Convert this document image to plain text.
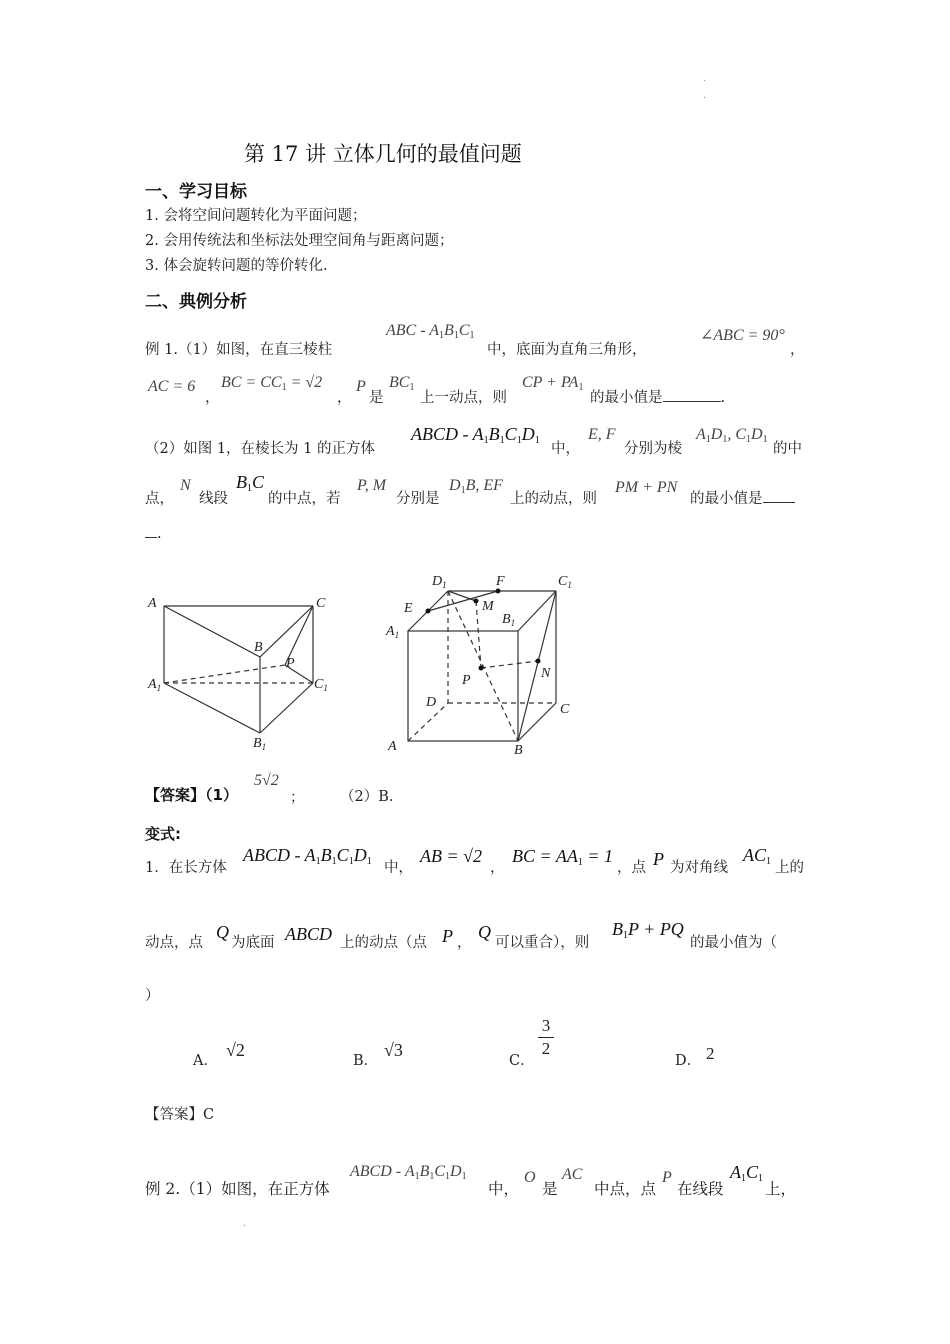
·
·
·
第 17 讲 立体几何的最值问题
一、学习目标
1. 会将空间问题转化为平面问题；
2. 会用传统法和坐标法处理空间角与距离问题；
3. 体会旋转问题的等价转化.
二、典例分析
例 1.（1）如图，在直三棱柱
ABC - $A_1B_1C_1$
中，底面为直角三角形，
∠ABC = 90°
，
AC = 6
，
BC = $CC_1 = √2$
，
P
是
$BC_1$
上一动点，则
CP + $PA_1$
的最小值是	.
（2）如图 1，在棱长为 1 的正方体
ABCD - $A_1B_1C_1D_1$
中，
E, F
分别为棱
$A_1D_1$, $C_1D_1$
的中
点，
N
线段
$B_1C$
的中点，若
P, M
分别是
$D_1B$, EF
上的动点，则
PM + PN
的最小值是
.
A	C
B
P
$A_1$	$C_1$
$B_1$
$D_1$	F	$C_1$
E	M
$B_1$
$A_1$
N
P
D	C
A	B
【答案】（1）
5√2
； （2）B.
变式:
1．在长方体
ABCD - $A_1B_1C_1D_1$ 中，
AB = √2
，
BC = $AA_1 = 1$
，点 P 为对角线
$AC_1$ 上的
动点，点
Q
为底面 ABCD 上的动点（点 P ，
Q
可以重合），则
$B_1P$ + PQ
的最小值为（
）
A．
√2
B．
√3
C．
3
2
D． 2
【答案】C
例 2.（1）如图，在正方体
ABCD - $A_1B_1C_1D_1$
中，
O
是
AC
中点，点
P
在线段
$A_1C_1$
上，
